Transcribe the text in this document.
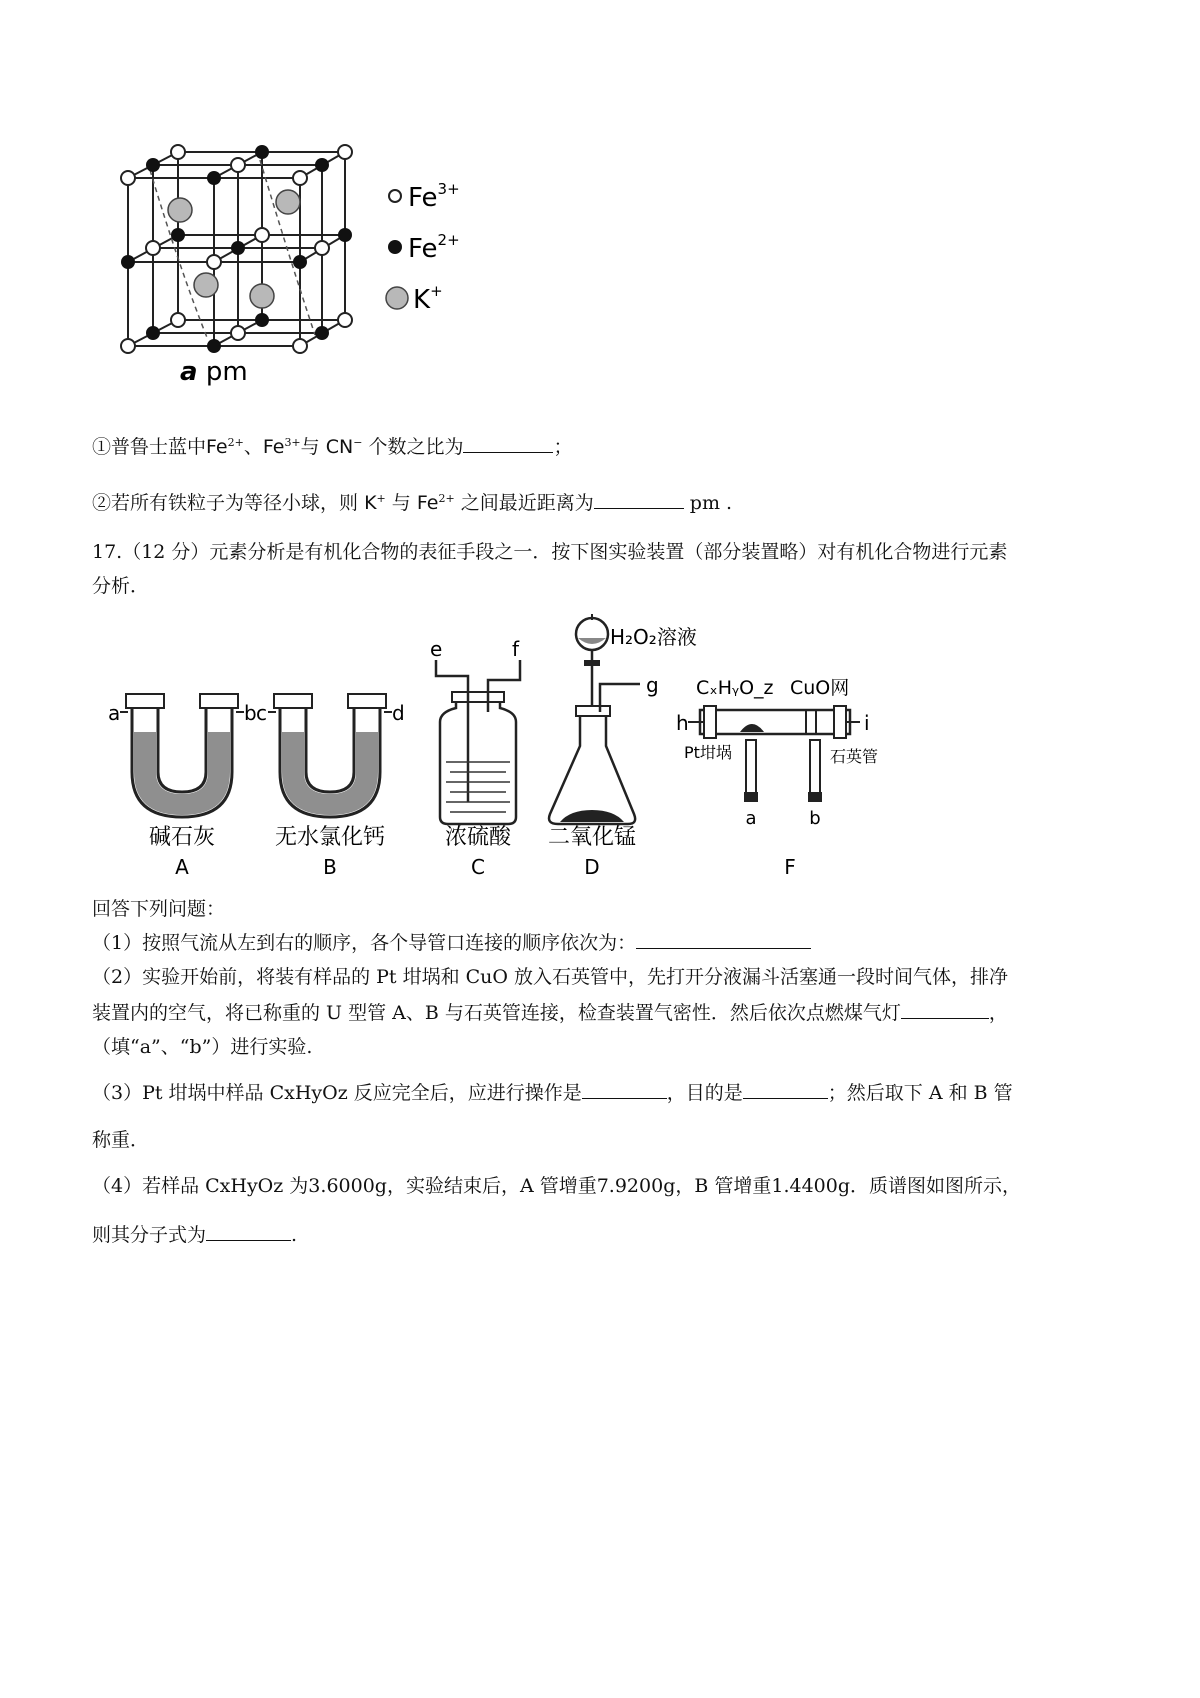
$Fe^{3+}$
$Fe^{2+}$
K+
a pm
①普鲁士蓝中$Fe^{2+}$、$Fe^{3+}$与 CN− 个数之比为	；
②若所有铁粒子为等径小球，则 K+ 与 $Fe^{2+}$ 之间最近距离为	pm .
17.（12 分）元素分析是有机化合物的表征手段之一．按下图实验装置（部分装置略）对有机化合物进行元素
分析．
a	b
碱石灰
A
c	d
无水氯化钙
B
e	f
浓硫酸
C
H₂O₂溶液
g
二氧化锰
D
CₓHᵧO_z CuO网
h	i
Pt坩埚	石英管
a	b
F
回答下列问题：
（1）按照气流从左到右的顺序，各个导管口连接的顺序依次为：
（2）实验开始前，将装有样品的 Pt 坩埚和 CuO 放入石英管中，先打开分液漏斗活塞通一段时间气体，排净
装置内的空气，将已称重的 U 型管 A、B 与石英管连接，检查装置气密性．然后依次点燃煤气灯	，
（填“a”、“b”）进行实验.
（3）Pt 坩埚中样品 CxHyOz 反应完全后，应进行操作是	，目的是	；然后取下 A 和 B 管
称重．
（4）若样品 CxHyOz 为3.6000g，实验结束后，A 管增重7.9200g，B 管增重1.4400g．质谱图如图所示，
则其分子式为	.
